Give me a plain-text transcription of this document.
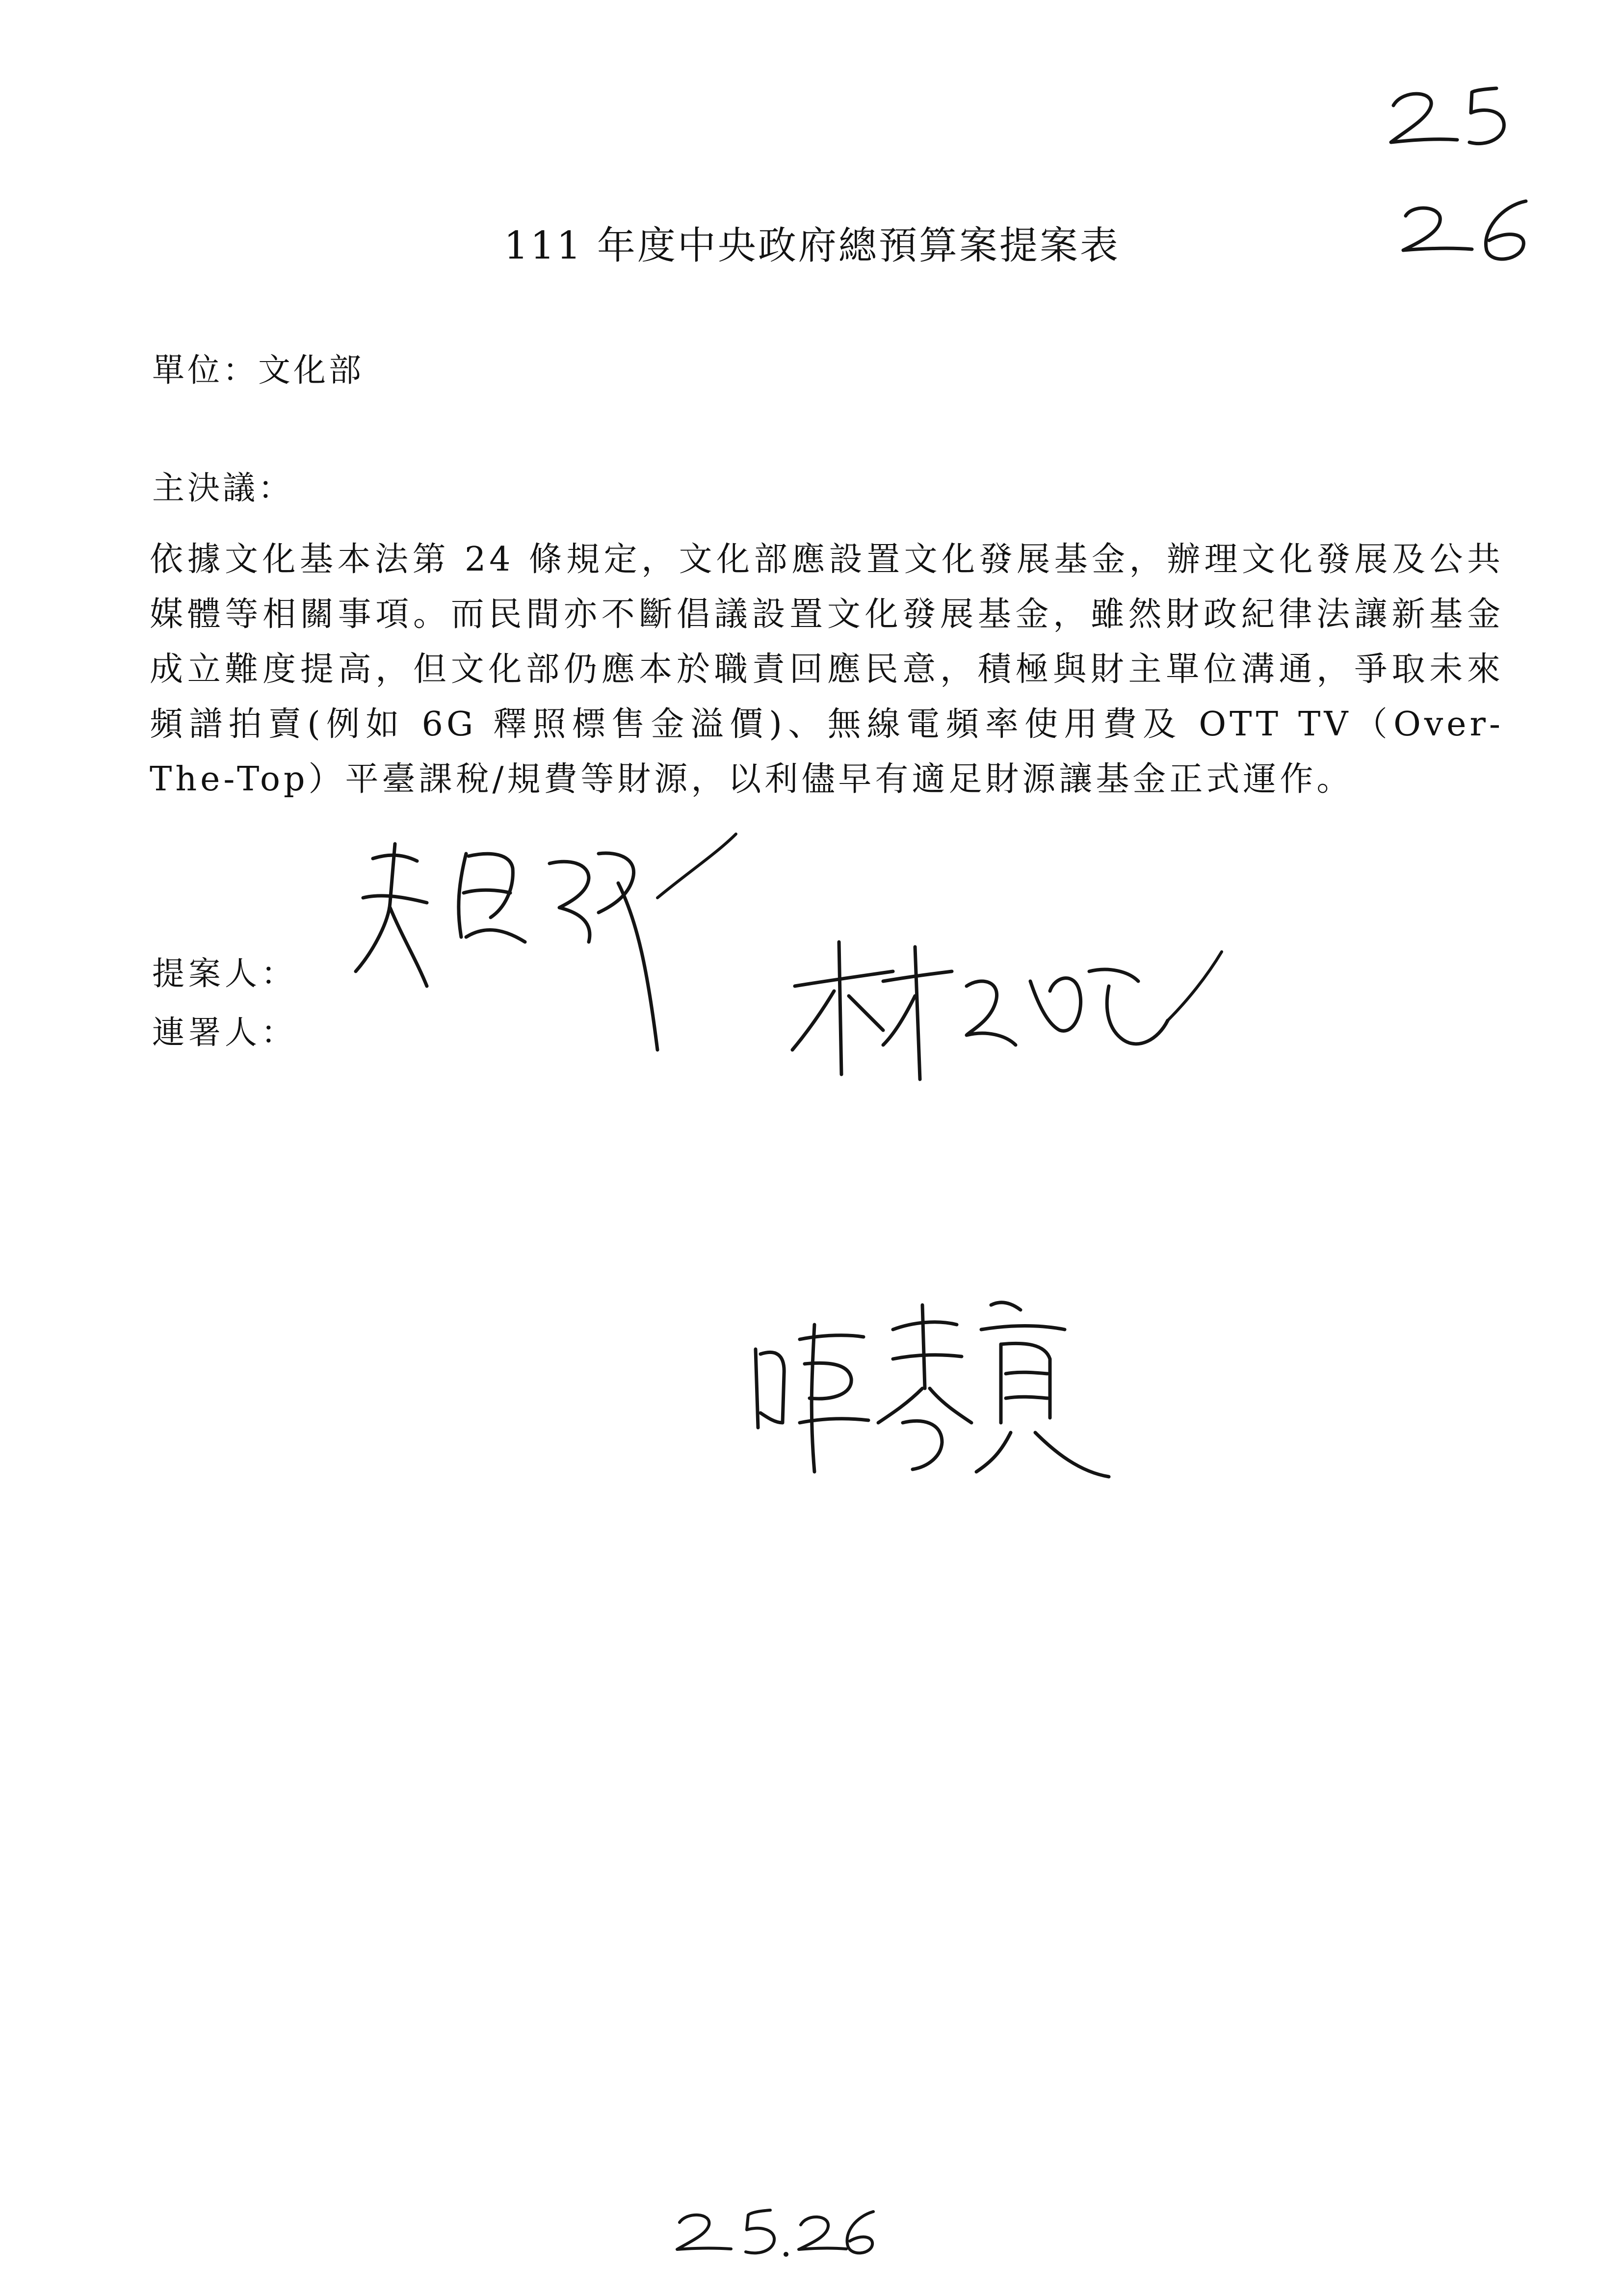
111 年度中央政府總預算案提案表
單位：文化部
主決議：
依據文化基本法第 24 條規定，文化部應設置文化發展基金，辦理文化發展及公共媒體等相關事項。而民間亦不斷倡議設置文化發展基金，雖然財政紀律法讓新基金成立難度提高，但文化部仍應本於職責回應民意，積極與財主單位溝通，爭取未來頻譜拍賣(例如 6G 釋照標售金溢價)、無線電頻率使用費及 OTT TV（Over-The-Top）平臺課稅/規費等財源，以利儘早有適足財源讓基金正式運作。
提案人：
連署人：
